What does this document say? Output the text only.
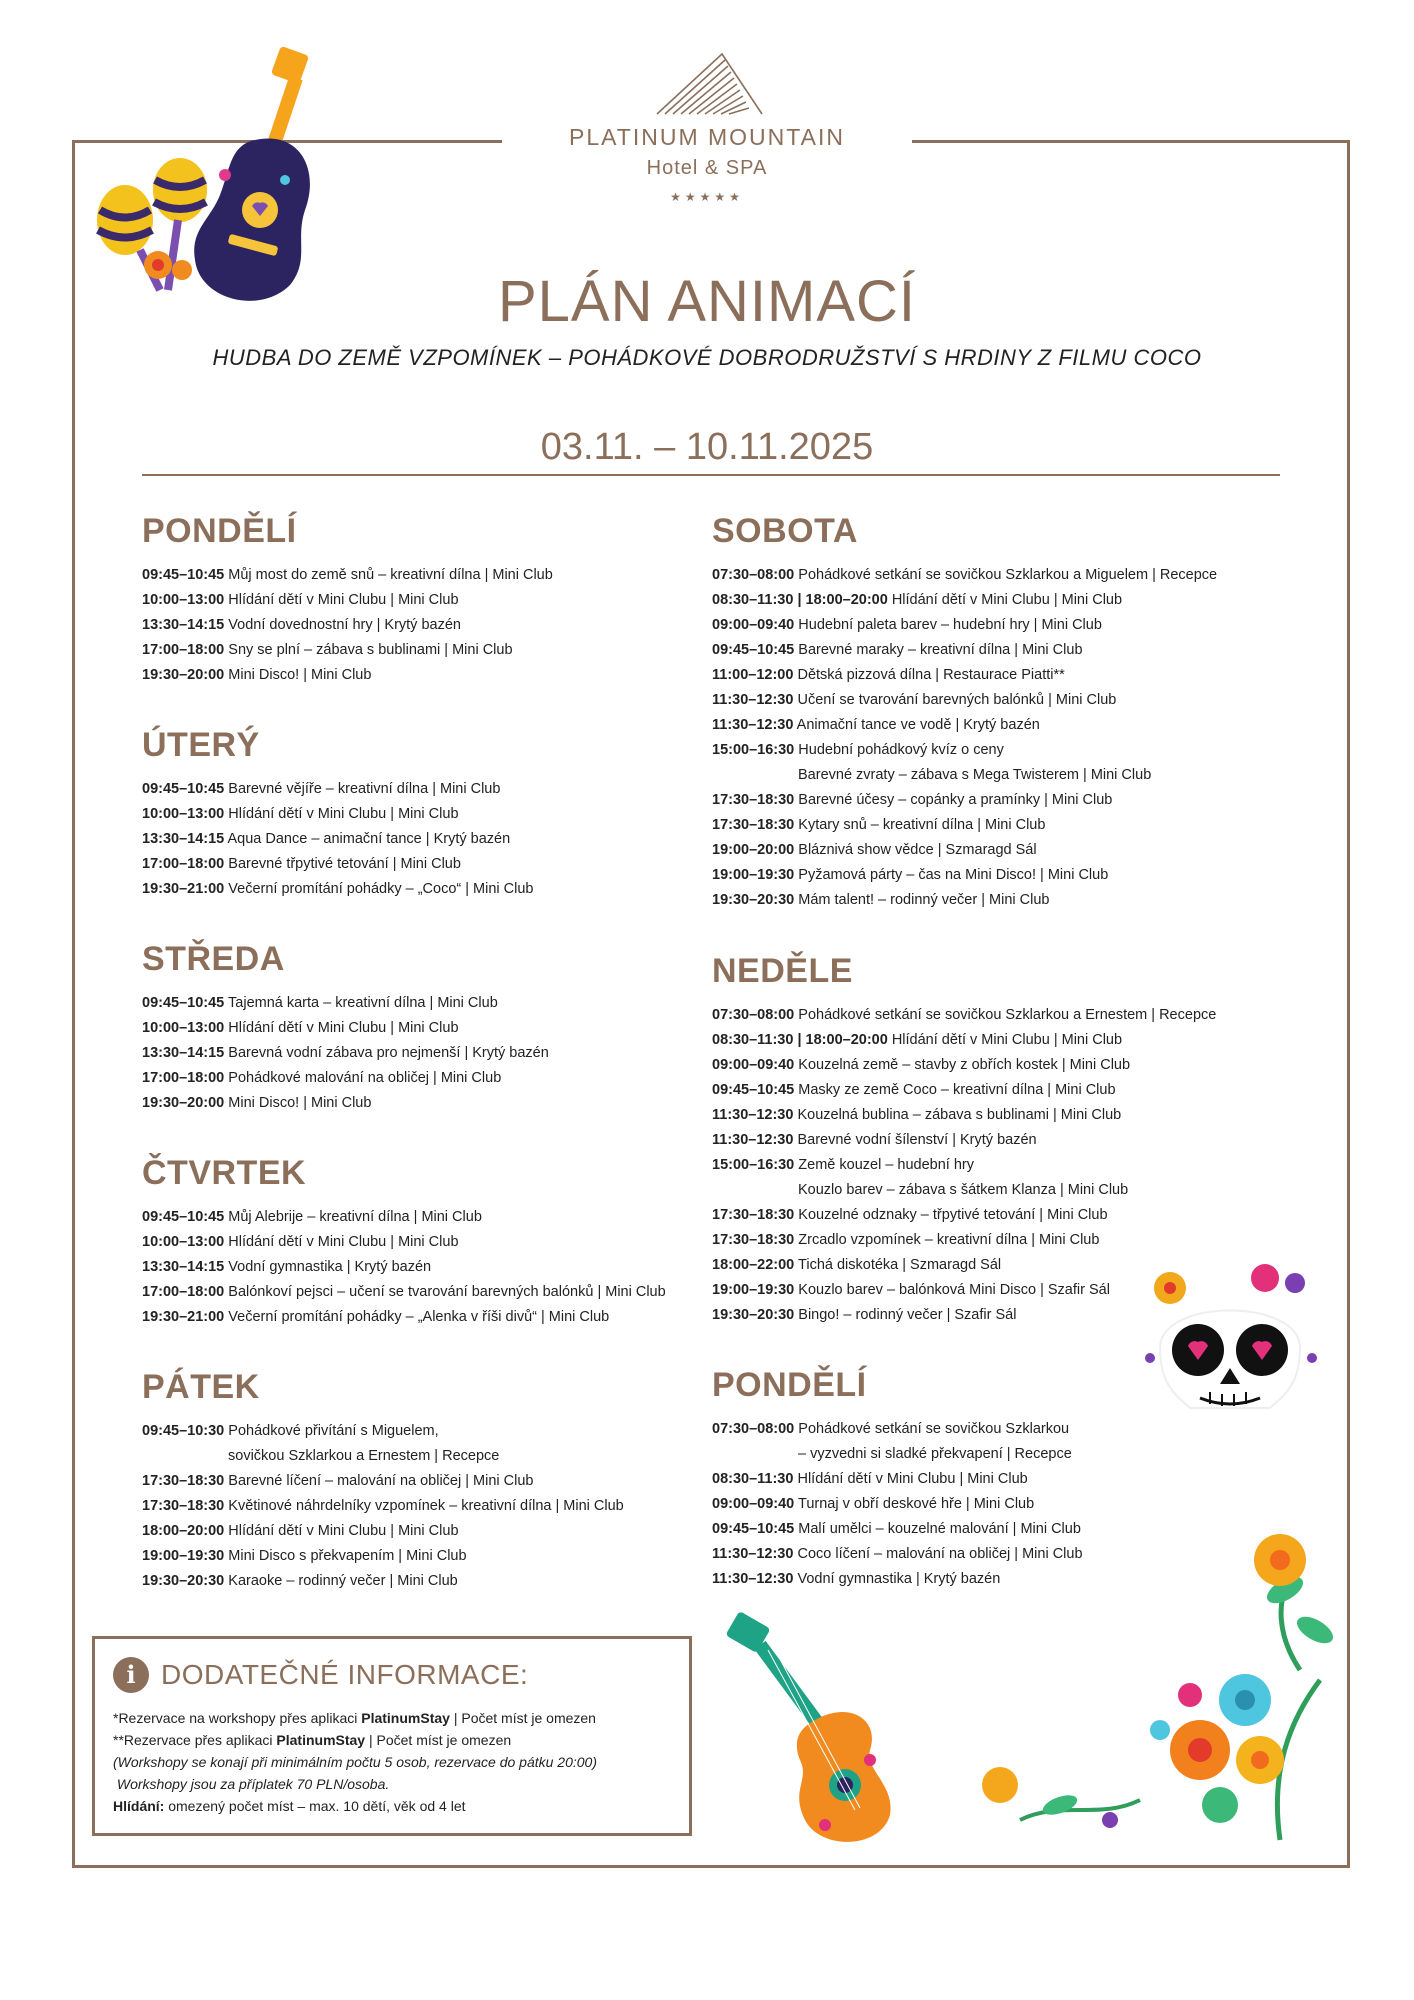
PLATINUM MOUNTAIN
Hotel & SPA
★★★★★
PLÁN ANIMACÍ
HUDBA DO ZEMĚ VZPOMÍNEK – POHÁDKOVÉ DOBRODRUŽSTVÍ S HRDINY Z FILMU COCO
03.11. – 10.11.2025
PONDĚLÍ
09:45–10:45 Můj most do země snů – kreativní dílna | Mini Club
10:00–13:00 Hlídání dětí v Mini Clubu | Mini Club
13:30–14:15 Vodní dovednostní hry | Krytý bazén
17:00–18:00 Sny se plní – zábava s bublinami | Mini Club
19:30–20:00 Mini Disco! | Mini Club
ÚTERÝ
09:45–10:45 Barevné vějíře – kreativní dílna | Mini Club
10:00–13:00 Hlídání dětí v Mini Clubu | Mini Club
13:30–14:15 Aqua Dance – animační tance | Krytý bazén
17:00–18:00 Barevné třpytivé tetování | Mini Club
19:30–21:00 Večerní promítání pohádky – „Coco“ | Mini Club
STŘEDA
09:45–10:45 Tajemná karta – kreativní dílna | Mini Club
10:00–13:00 Hlídání dětí v Mini Clubu | Mini Club
13:30–14:15 Barevná vodní zábava pro nejmenší | Krytý bazén
17:00–18:00 Pohádkové malování na obličej | Mini Club
19:30–20:00 Mini Disco! | Mini Club
ČTVRTEK
09:45–10:45 Můj Alebrije – kreativní dílna | Mini Club
10:00–13:00 Hlídání dětí v Mini Clubu | Mini Club
13:30–14:15 Vodní gymnastika | Krytý bazén
17:00–18:00 Balónkoví pejsci – učení se tvarování barevných balónků | Mini Club
19:30–21:00 Večerní promítání pohádky – „Alenka v říši divů“ | Mini Club
PÁTEK
09:45–10:30 Pohádkové přivítání s Miguelem,
sovičkou Szklarkou a Ernestem | Recepce
17:30–18:30 Barevné líčení – malování na obličej | Mini Club
17:30–18:30 Květinové náhrdelníky vzpomínek – kreativní dílna | Mini Club
18:00–20:00 Hlídání dětí v Mini Clubu | Mini Club
19:00–19:30 Mini Disco s překvapením | Mini Club
19:30–20:30 Karaoke – rodinný večer | Mini Club
SOBOTA
07:30–08:00 Pohádkové setkání se sovičkou Szklarkou a Miguelem | Recepce
08:30–11:30 | 18:00–20:00 Hlídání dětí v Mini Clubu | Mini Club
09:00–09:40 Hudební paleta barev – hudební hry | Mini Club
09:45–10:45 Barevné maraky – kreativní dílna | Mini Club
11:00–12:00 Dětská pizzová dílna | Restaurace Piatti**
11:30–12:30 Učení se tvarování barevných balónků | Mini Club
11:30–12:30 Animační tance ve vodě | Krytý bazén
15:00–16:30 Hudební pohádkový kvíz o ceny
Barevné zvraty – zábava s Mega Twisterem | Mini Club
17:30–18:30 Barevné účesy – copánky a pramínky | Mini Club
17:30–18:30 Kytary snů – kreativní dílna | Mini Club
19:00–20:00 Bláznivá show vědce | Szmaragd Sál
19:00–19:30 Pyžamová párty – čas na Mini Disco! | Mini Club
19:30–20:30 Mám talent! – rodinný večer | Mini Club
NEDĚLE
07:30–08:00 Pohádkové setkání se sovičkou Szklarkou a Ernestem | Recepce
08:30–11:30 | 18:00–20:00 Hlídání dětí v Mini Clubu | Mini Club
09:00–09:40 Kouzelná země – stavby z obřích kostek | Mini Club
09:45–10:45 Masky ze země Coco – kreativní dílna | Mini Club
11:30–12:30 Kouzelná bublina – zábava s bublinami | Mini Club
11:30–12:30 Barevné vodní šílenství | Krytý bazén
15:00–16:30 Země kouzel – hudební hry
Kouzlo barev – zábava s šátkem Klanza | Mini Club
17:30–18:30 Kouzelné odznaky – třpytivé tetování | Mini Club
17:30–18:30 Zrcadlo vzpomínek – kreativní dílna | Mini Club
18:00–22:00 Tichá diskotéka | Szmaragd Sál
19:00–19:30 Kouzlo barev – balónková Mini Disco | Szafir Sál
19:30–20:30 Bingo! – rodinný večer | Szafir Sál
PONDĚLÍ
07:30–08:00 Pohádkové setkání se sovičkou Szklarkou
– vyzvedni si sladké překvapení | Recepce
08:30–11:30 Hlídání dětí v Mini Clubu | Mini Club
09:00–09:40 Turnaj v obří deskové hře | Mini Club
09:45–10:45 Malí umělci – kouzelné malování | Mini Club
11:30–12:30 Coco líčení – malování na obličej | Mini Club
11:30–12:30 Vodní gymnastika | Krytý bazén
i DODATEČNÉ INFORMACE:
*Rezervace na workshopy přes aplikaci PlatinumStay | Počet míst je omezen
**Rezervace přes aplikaci PlatinumStay | Počet míst je omezen
(Workshopy se konají při minimálním počtu 5 osob, rezervace do pátku 20:00)
Workshopy jsou za příplatek 70 PLN/osoba.
Hlídání: omezený počet míst – max. 10 dětí, věk od 4 let
